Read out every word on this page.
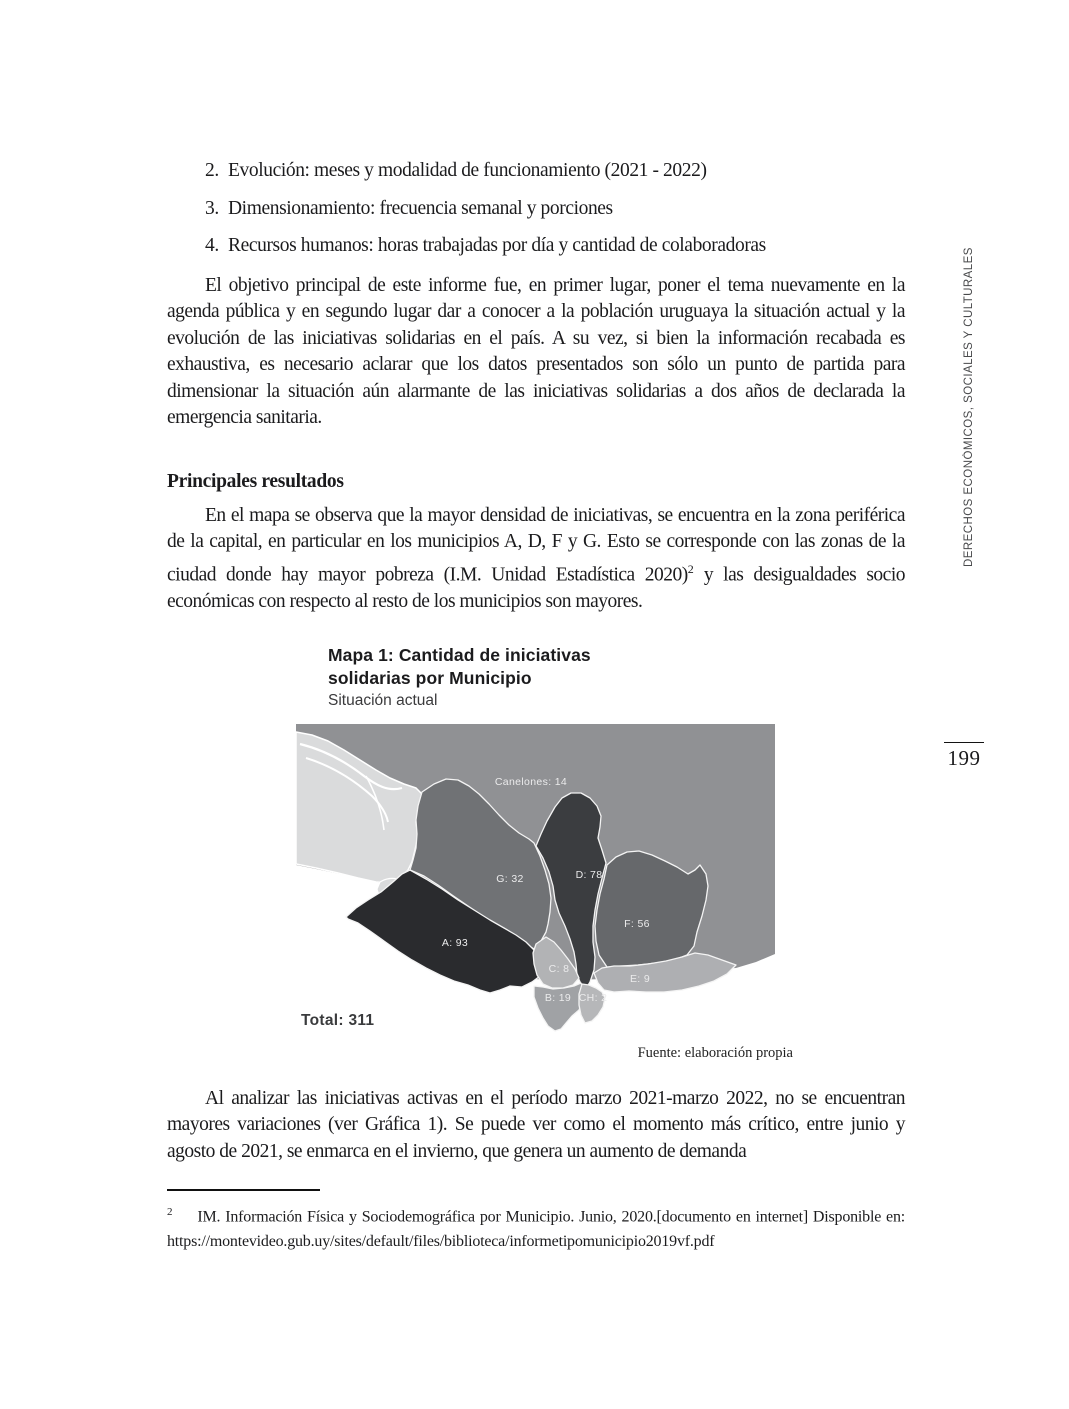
2. Evolución: meses y modalidad de funcionamiento (2021 - 2022)
3. Dimensionamiento: frecuencia semanal y porciones
4. Recursos humanos: horas trabajadas por día y cantidad de colaboradoras

El objetivo principal de este informe fue, en primer lugar, poner el tema nuevamente en la agenda pública y en segundo lugar dar a conocer a la población uruguaya la situación actual y la evolución de las iniciativas solidarias en el país. A su vez, si bien la información recabada es exhaustiva, es necesario aclarar que los datos presentados son sólo un punto de partida para dimensionar la situación aún alarmante de las iniciativas solidarias a dos años de declarada la emergencia sanitaria.

Principales resultados

En el mapa se observa que la mayor densidad de iniciativas, se encuentra en la zona periférica de la capital, en particular en los municipios A, D, F y G. Esto se corresponde con las zonas de la ciudad donde hay mayor pobreza (I.M. Unidad Estadística 2020)$^2$ y las desigualdades socio económicas con respecto al resto de los municipios son mayores.

Mapa 1: Cantidad de iniciativas solidarias por Municipio
Situación actual
Canelones: 14
G: 32	D: 78
F: 56
A: 93
C: 8
E: 9
B: 19 CH: 2
Total: 311
Fuente: elaboración propia

Al analizar las iniciativas activas en el período marzo 2021-marzo 2022, no se encuentran mayores variaciones (ver Gráfica 1). Se puede ver como el momento más crítico, entre junio y agosto de 2021, se enmarca en el invierno, que genera un aumento de demanda

$^2$ IM. Información Física y Sociodemográfica por Municipio. Junio, 2020.[documento en internet] Disponible en: https://montevideo.gub.uy/sites/default/files/biblioteca/informetipomunicipio2019vf.pdf

DERECHOS ECONÓMICOS, SOCIALES Y CULTURALES
199
